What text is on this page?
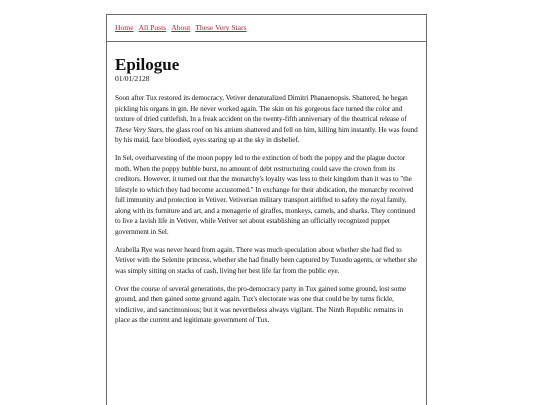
Home All Posts About These Very Stars
Epilogue
01/01/2128

Soon after Tux restored its democracy, Vetiver denaturalized Dimitri Phanaenopsis. Shattered, he began pickling his organs in gin. He never worked again. The skin on his gorgeous face turned the color and texture of dried cuttlefish. In a freak accident on the twenty-fifth anniversary of the theatrical release of These Very Stars, the glass roof on his atrium shattered and fell on him, killing him instantly. He was found by his maid, face bloodied, eyes staring up at the sky in disbelief.

In Sel, overharvesting of the moon poppy led to the extinction of both the poppy and the plague doctor moth. When the poppy bubble burst, no amount of debt restructuring could save the crown from its creditors. However, it turned out that the monarchy's loyalty was less to their kingdom than it was to "the lifestyle to which they had become accustomed." In exchange for their abdication, the monarchy received full immunity and protection in Vetiver. Vetiverian military transport airlifted to safety the royal family, along with its furniture and art, and a menagerie of giraffes, monkeys, camels, and sharks. They continued to live a lavish life in Vetiver, while Vetiver set about establishing an officially recognized puppet government in Sel.

Arabella Rye was never heard from again. There was much speculation about whether she had fled to Vetiver with the Selenite princess, whether she had finally been captured by Tuxedo agents, or whether she was simply sitting on stacks of cash, living her best life far from the public eye.

Over the course of several generations, the pro-democracy party in Tux gained some ground, lost some ground, and then gained some ground again. Tux's electorate was one that could be by turns fickle, vindictive, and sanctimonious; but it was nevertheless always vigilant. The Ninth Republic remains in place as the current and legitimate government of Tux.
